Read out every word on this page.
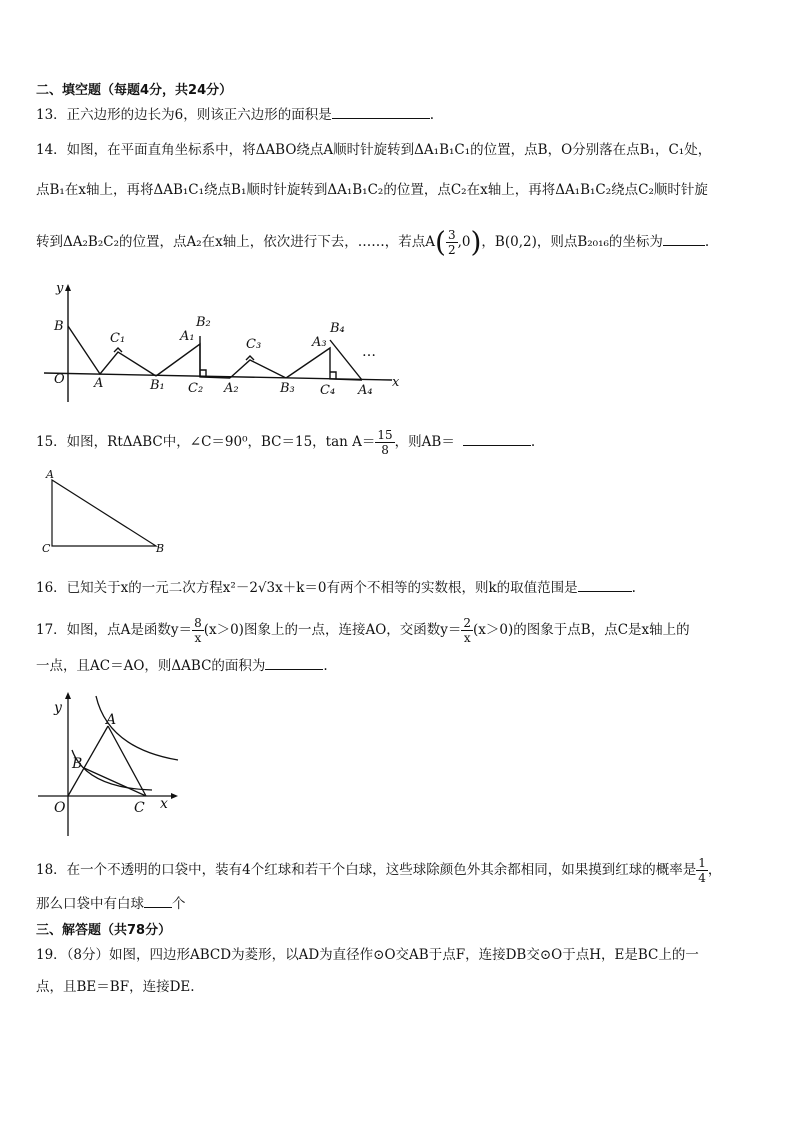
二、填空题（每题4分，共24分）
13．正六边形的边长为6，则该正六边形的面积是	.
14．如图，在平面直角坐标系中，将ΔABO绕点A顺时针旋转到ΔA₁B₁C₁的位置，点B，O分别落在点B₁，C₁处，
点B₁在x轴上，再将ΔAB₁C₁绕点B₁顺时针旋转到ΔA₁B₁C₂的位置，点C₂在x轴上，再将ΔA₁B₁C₂绕点C₂顺时针旋
转到ΔA₂B₂C₂的位置，点A₂在x轴上，依次进行下去，……，若点$A( \frac{3}{2} ,0)$，B(0,2)，则点B₂₀₁₆的坐标为	.
y
B
O A
C₁
B₁
A₁
B₂
C₂ A₂
C₃
B₃
A₃
B₄
C₄ A₄
x
…
15．如图，RtΔABC中，∠C＝90⁰，BC＝15，$\tan A= \frac{15}{8}$ ，则AB＝	.
A
C	B
16．已知关于x的一元二次方程x²－2√3x＋k＝0有两个不相等的实数根，则k的取值范围是	.
17．如图，点A是函数$y= \frac{8}{x} (x>0)$图象上的一点，连接AO，交函数$y= \frac{2}{x} (x>0)$的图象于点B，点C是x轴上的
一点，且AC＝AO，则ΔABC的面积为	.
y
A
B
O	C x
18．在一个不透明的口袋中，装有4个红球和若干个白球，这些球除颜色外其余都相同，如果摸到红球的概率是 $\frac{1}{4}$ ，
那么口袋中有白球 个
三、解答题（共78分）
19．（8分）如图，四边形ABCD为菱形，以AD为直径作⊙O交AB于点F，连接DB交⊙O于点H，E是BC上的一
点，且BE＝BF，连接DE.
